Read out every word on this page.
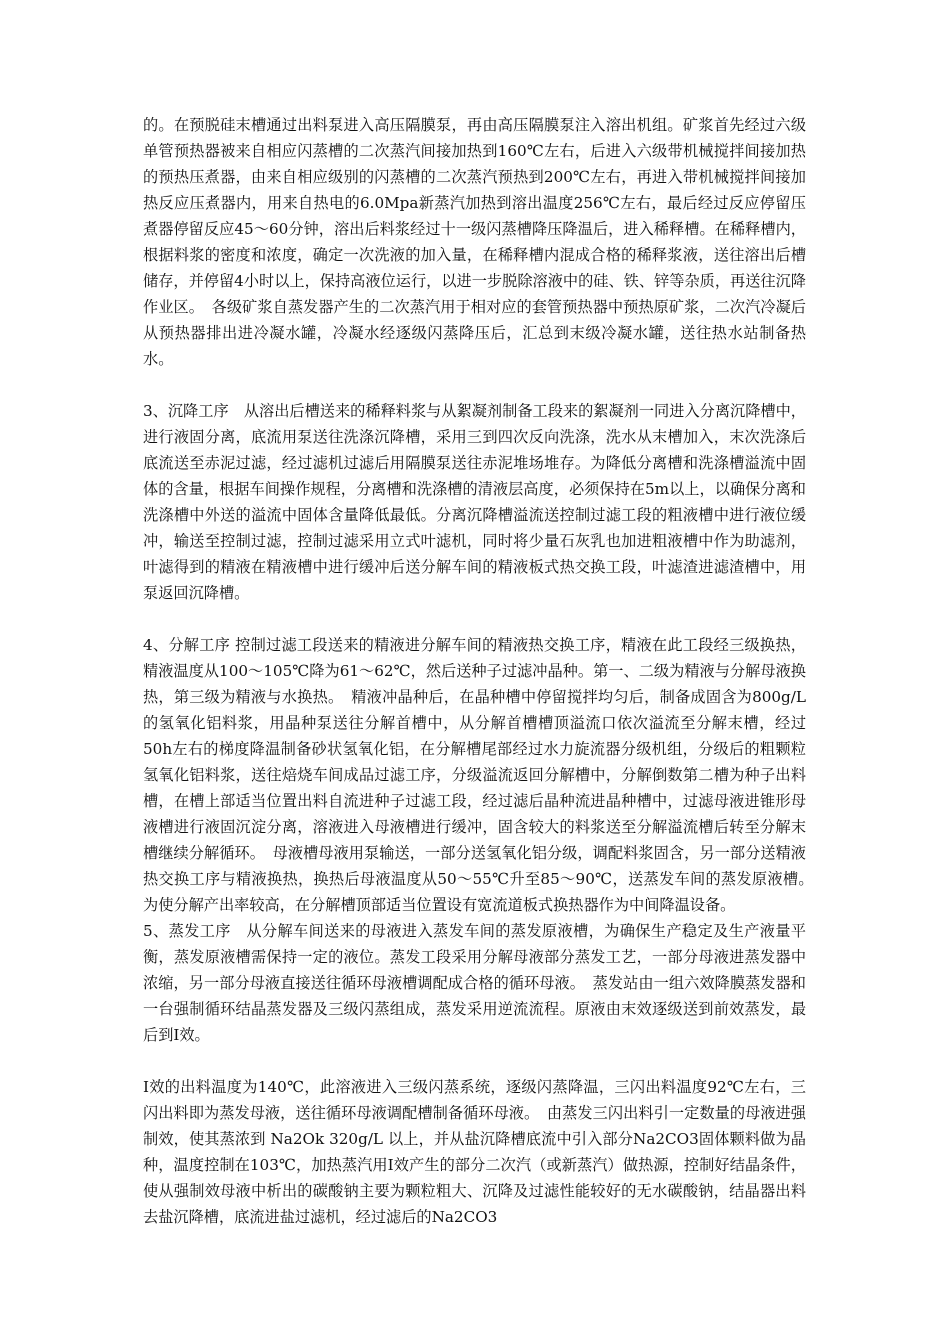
的。在预脱硅末槽通过出料泵进入高压隔膜泵，再由高压隔膜泵注入溶出机组。矿浆首先经过六级单管预热器被来自相应闪蒸槽的二次蒸汽间接加热到160℃左右，后进入六级带机械搅拌间接加热的预热压煮器，由来自相应级别的闪蒸槽的二次蒸汽预热到200℃左右，再进入带机械搅拌间接加热反应压煮器内，用来自热电的6.0Mpa新蒸汽加热到溶出温度256℃左右，最后经过反应停留压煮器停留反应45～60分钟，溶出后料浆经过十一级闪蒸槽降压降温后，进入稀释槽。在稀释槽内，根据料浆的密度和浓度，确定一次洗液的加入量，在稀释槽内混成合格的稀释浆液，送往溶出后槽储存，并停留4小时以上，保持高液位运行，以进一步脱除溶液中的硅、铁、锌等杂质，再送往沉降作业区。　各级矿浆自蒸发器产生的二次蒸汽用于相对应的套管预热器中预热原矿浆，二次汽冷凝后从预热器排出进冷凝水罐，冷凝水经逐级闪蒸降压后，汇总到末级冷凝水罐，送往热水站制备热水。

3、沉降工序　从溶出后槽送来的稀释料浆与从絮凝剂制备工段来的絮凝剂一同进入分离沉降槽中，进行液固分离，底流用泵送往洗涤沉降槽，采用三到四次反向洗涤，洗水从末槽加入，末次洗涤后底流送至赤泥过滤，经过滤机过滤后用隔膜泵送往赤泥堆场堆存。为降低分离槽和洗涤槽溢流中固体的含量，根据车间操作规程，分离槽和洗涤槽的清液层高度，必须保持在5m以上，以确保分离和洗涤槽中外送的溢流中固体含量降低最低。分离沉降槽溢流送控制过滤工段的粗液槽中进行液位缓冲，输送至控制过滤，控制过滤采用立式叶滤机，同时将少量石灰乳也加进粗液槽中作为助滤剂，叶滤得到的精液在精液槽中进行缓冲后送分解车间的精液板式热交换工段，叶滤渣进滤渣槽中，用泵返回沉降槽。

4、分解工序 控制过滤工段送来的精液进分解车间的精液热交换工序，精液在此工段经三级换热，精液温度从100～105℃降为61～62℃，然后送种子过滤冲晶种。第一、二级为精液与分解母液换热，第三级为精液与水换热。　精液冲晶种后，在晶种槽中停留搅拌均匀后，制备成固含为800g/L的氢氧化铝料浆，用晶种泵送往分解首槽中，从分解首槽槽顶溢流口依次溢流至分解末槽，经过50h左右的梯度降温制备砂状氢氧化铝，在分解槽尾部经过水力旋流器分级机组，分级后的粗颗粒氢氧化铝料浆，送往焙烧车间成品过滤工序，分级溢流返回分解槽中，分解倒数第二槽为种子出料槽，在槽上部适当位置出料自流进种子过滤工段，经过滤后晶种流进晶种槽中，过滤母液进锥形母液槽进行液固沉淀分离，溶液进入母液槽进行缓冲，固含较大的料浆送至分解溢流槽后转至分解末槽继续分解循环。　母液槽母液用泵输送，一部分送氢氧化铝分级，调配料浆固含，另一部分送精液热交换工序与精液换热，换热后母液温度从50～55℃升至85～90℃，送蒸发车间的蒸发原液槽。　为使分解产出率较高，在分解槽顶部适当位置设有宽流道板式换热器作为中间降温设备。

5、蒸发工序　从分解车间送来的母液进入蒸发车间的蒸发原液槽，为确保生产稳定及生产液量平衡，蒸发原液槽需保持一定的液位。蒸发工段采用分解母液部分蒸发工艺，一部分母液进蒸发器中浓缩，另一部分母液直接送往循环母液槽调配成合格的循环母液。　蒸发站由一组六效降膜蒸发器和一台强制循环结晶蒸发器及三级闪蒸组成，蒸发采用逆流流程。原液由末效逐级送到前效蒸发，最后到I效。

I效的出料温度为140℃，此溶液进入三级闪蒸系统，逐级闪蒸降温，三闪出料温度92℃左右，三闪出料即为蒸发母液，送往循环母液调配槽制备循环母液。　由蒸发三闪出料引一定数量的母液进强制效，使其蒸浓到 Na2Ok 320g/L 以上，并从盐沉降槽底流中引入部分Na2CO3固体颗料做为晶种，温度控制在103℃，加热蒸汽用I效产生的部分二次汽（或新蒸汽）做热源，控制好结晶条件，使从强制效母液中析出的碳酸钠主要为颗粒粗大、沉降及过滤性能较好的无水碳酸钠，结晶器出料去盐沉降槽，底流进盐过滤机，经过滤后的Na2CO3
